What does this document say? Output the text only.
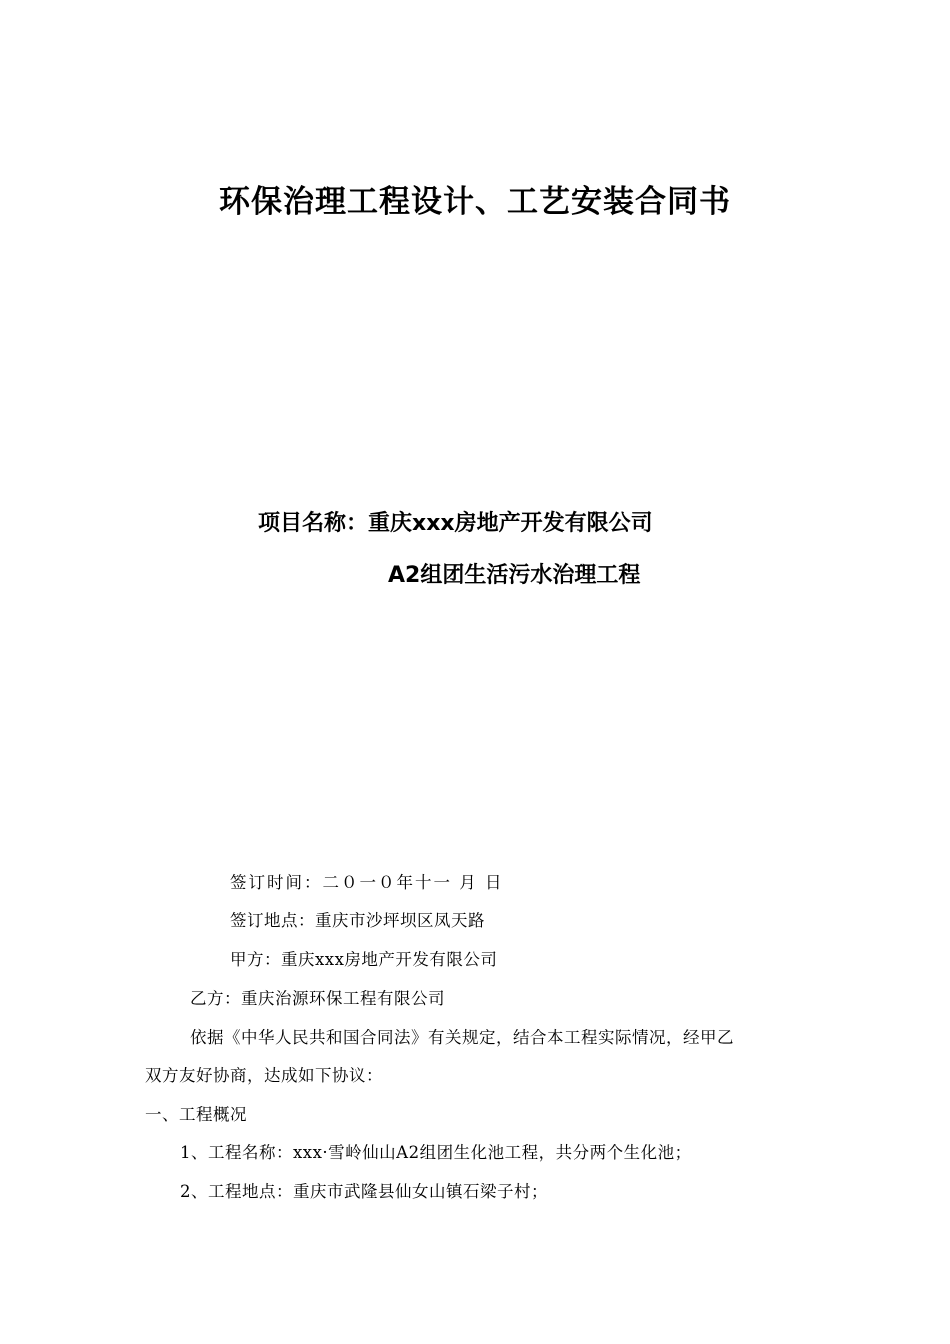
环保治理工程设计、工艺安装合同书
项目名称：重庆xxx房地产开发有限公司
A2组团生活污水治理工程
签订时间：二０一０年十一 月 日
签订地点：重庆市沙坪坝区凤天路
甲方：重庆xxx房地产开发有限公司
乙方：重庆治源环保工程有限公司
依据《中华人民共和国合同法》有关规定，结合本工程实际情况，经甲乙
双方友好协商，达成如下协议：
一、工程概况
1、工程名称：xxx·雪岭仙山A2组团生化池工程，共分两个生化池；
2、工程地点：重庆市武隆县仙女山镇石梁子村；
